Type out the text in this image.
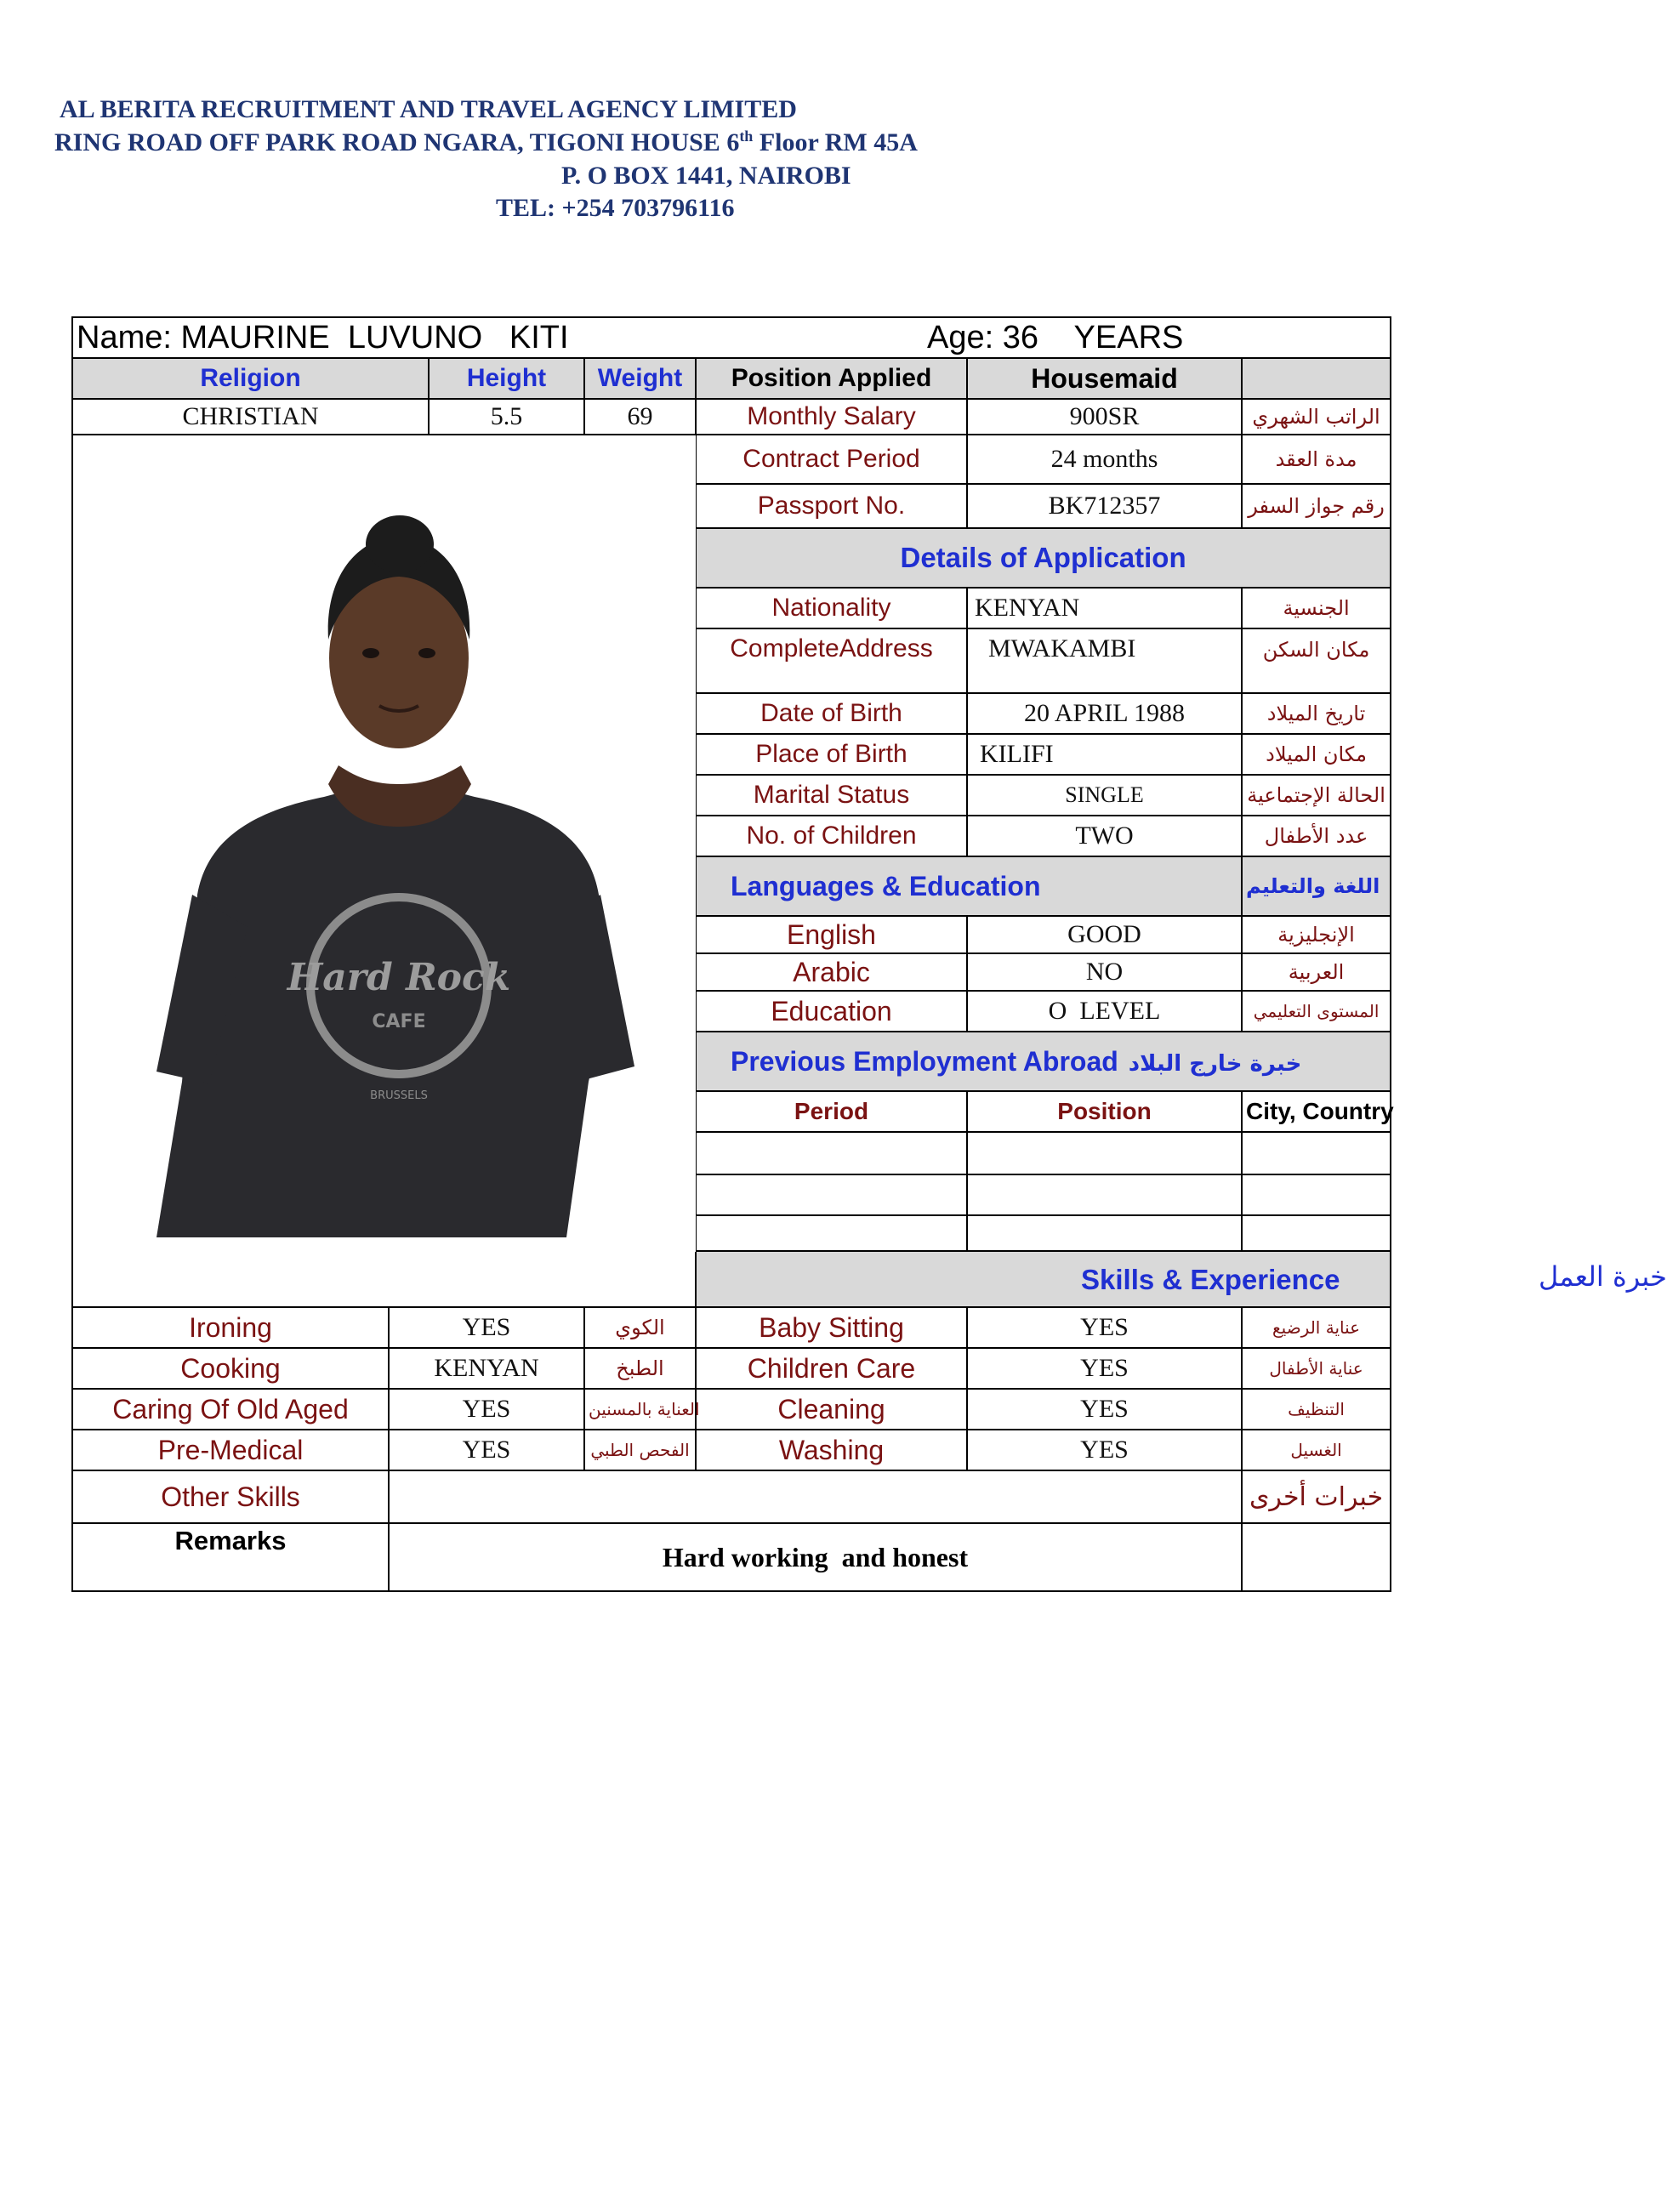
AL BERITA RECRUITMENT AND TRAVEL AGENCY LIMITED
RING ROAD OFF PARK ROAD NGARA, TIGONI HOUSE 6th Floor RM 45A
P. O BOX 1441, NAIROBI
TEL: +254 703796116
Name: MAURINE  LUVUNO   KITI Age: 36    YEARS						

Religion		Height	Weight	Position Applied	Housemaid	
CHRISTIAN		5.5	69	Monthly Salary	900SR	الراتب الشهري

Hard Rock
CAFE
BRUSSELS				Contract Period	24 months	مدة العقد
				Passport No.	BK712357	رقم جواز السفر
				Details of Application		
				Nationality	KENYAN	الجنسية
				CompleteAddress	MWAKAMBI	مكان السكن
				Date of Birth	20 APRIL 1988	تاريخ الميلاد
				Place of Birth	KILIFI	مكان الميلاد
				Marital Status	SINGLE	الحالة الإجتماعية
				No. of Children	TWO	عدد الأطفال
				Languages & Education		اللغة والتعليم
				English	GOOD	الإنجليزية
				Arabic	NO	العربية
				Education	O  LEVEL	المستوى التعليمي
				Previous Employment Abroad خبرة خارج البلاد		
				Period	Position	City, Country

				Skills & Experience خبرة العمل		

Ironing	YES		الكوي	Baby Sitting	YES	عناية الرضيع
Cooking	KENYAN		الطبخ	Children Care	YES	عناية الأطفال
Caring Of Old Aged	YES		العناية بالمسنين	Cleaning	YES	التنظيف
Pre-Medical	YES		الفحص الطبي	Washing	YES	الغسيل
Other Skills						خبرات أخرى
Remarks	Hard working  and honest					
